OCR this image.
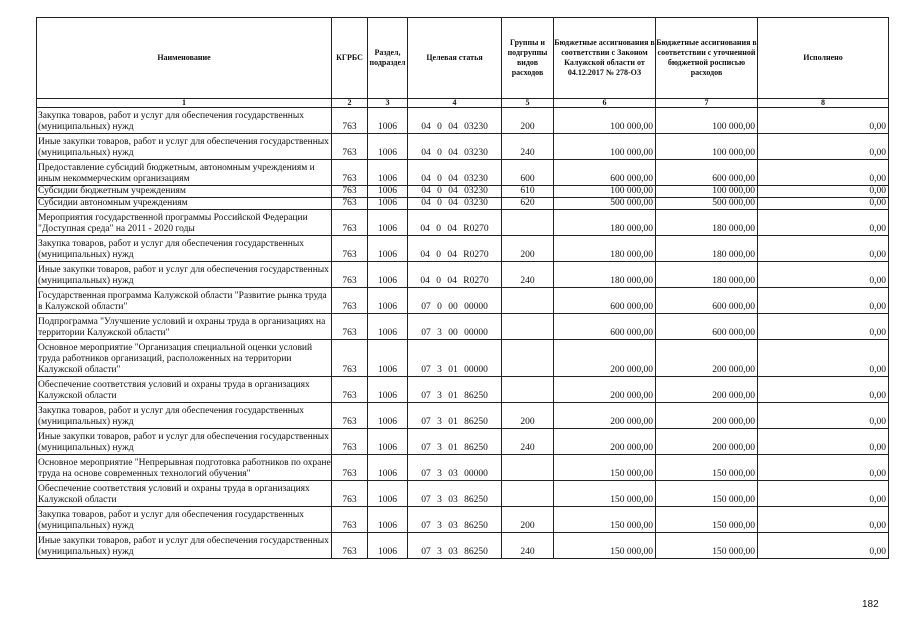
Наименование	КГРБС	Раздел, подраздел	Целевая статья	Группы и подгруппы видов расходов	Бюджетные ассигнования в соответствии с Законом Калужской области от 04.12.2017 № 278-ОЗ	Бюджетные ассигнования в соответствии с уточненной бюджетной росписью расходов	Исполнено
1	2	3	4	5	6	7	8
Закупка товаров, работ и услуг для обеспечения государственных (муниципальных) нужд	763	1006	04 0 04 03230	200	100 000,00	100 000,00	0,00
Иные закупки товаров, работ и услуг для обеспечения государственных (муниципальных) нужд	763	1006	04 0 04 03230	240	100 000,00	100 000,00	0,00
Предоставление субсидий бюджетным, автономным учреждениям и иным некоммерческим организациям	763	1006	04 0 04 03230	600	600 000,00	600 000,00	0,00
Субсидии бюджетным учреждениям	763	1006	04 0 04 03230	610	100 000,00	100 000,00	0,00
Субсидии автономным учреждениям	763	1006	04 0 04 03230	620	500 000,00	500 000,00	0,00
Мероприятия государственной программы Российской Федерации "Доступная среда" на 2011 - 2020 годы	763	1006	04 0 04 R0270		180 000,00	180 000,00	0,00
Закупка товаров, работ и услуг для обеспечения государственных (муниципальных) нужд	763	1006	04 0 04 R0270	200	180 000,00	180 000,00	0,00
Иные закупки товаров, работ и услуг для обеспечения государственных (муниципальных) нужд	763	1006	04 0 04 R0270	240	180 000,00	180 000,00	0,00
Государственная программа Калужской области "Развитие рынка труда в Калужской области"	763	1006	07 0 00 00000		600 000,00	600 000,00	0,00
Подпрограмма "Улучшение условий и охраны труда в организациях на территории Калужской области"	763	1006	07 3 00 00000		600 000,00	600 000,00	0,00
Основное мероприятие "Организация специальной оценки условий труда работников организаций, расположенных на территории Калужской области"	763	1006	07 3 01 00000		200 000,00	200 000,00	0,00
Обеспечение соответствия условий и охраны труда в организациях Калужской области	763	1006	07 3 01 86250		200 000,00	200 000,00	0,00
Закупка товаров, работ и услуг для обеспечения государственных (муниципальных) нужд	763	1006	07 3 01 86250	200	200 000,00	200 000,00	0,00
Иные закупки товаров, работ и услуг для обеспечения государственных (муниципальных) нужд	763	1006	07 3 01 86250	240	200 000,00	200 000,00	0,00
Основное мероприятие "Непрерывная подготовка работников по охране труда на основе современных технологий обучения"	763	1006	07 3 03 00000		150 000,00	150 000,00	0,00
Обеспечение соответствия условий и охраны труда в организациях Калужской области	763	1006	07 3 03 86250		150 000,00	150 000,00	0,00
Закупка товаров, работ и услуг для обеспечения государственных (муниципальных) нужд	763	1006	07 3 03 86250	200	150 000,00	150 000,00	0,00
Иные закупки товаров, работ и услуг для обеспечения государственных (муниципальных) нужд	763	1006	07 3 03 86250	240	150 000,00	150 000,00	0,00
182
